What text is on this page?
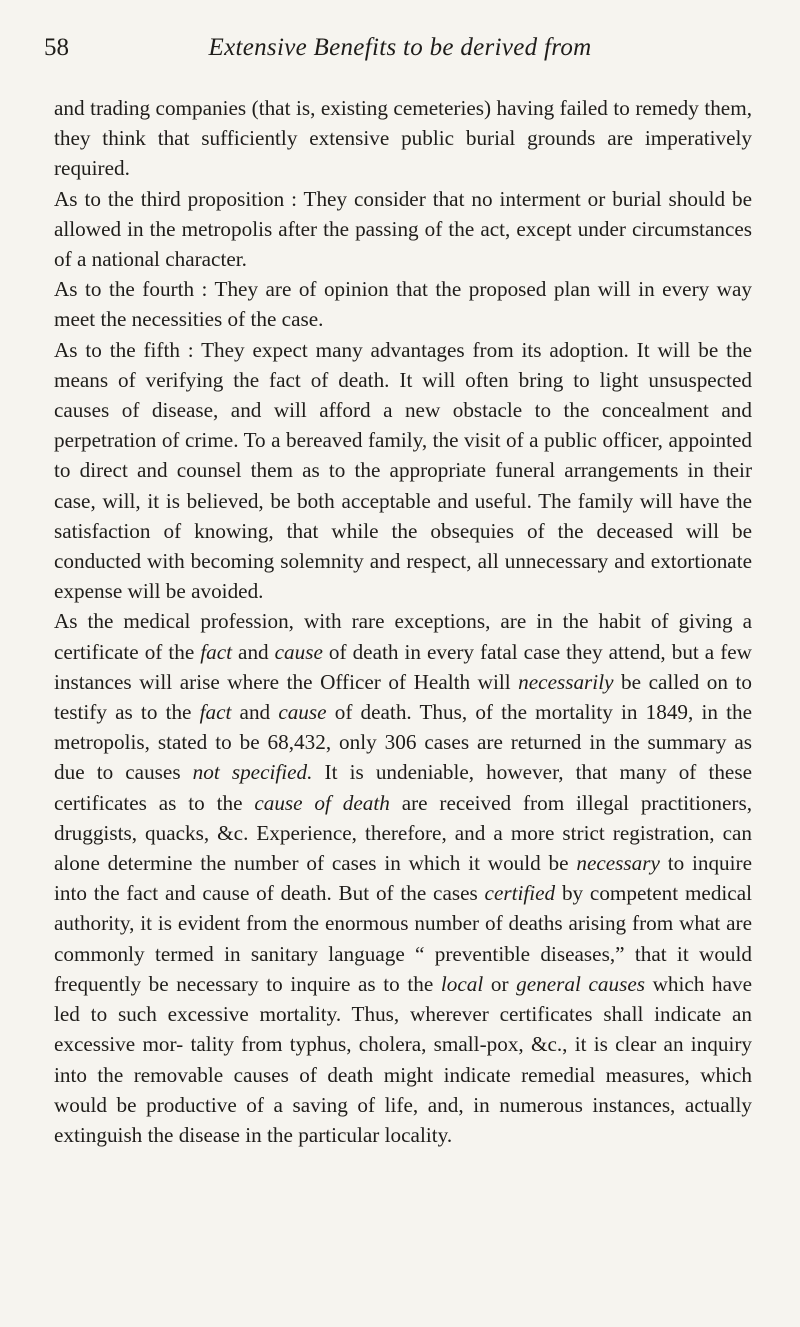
58	Extensive Benefits to be derived from

and trading companies (that is, existing cemeteries) having failed to remedy them, they think that sufficiently extensive public burial grounds are imperatively required.

As to the third proposition : They consider that no interment or burial should be allowed in the metropolis after the passing of the act, except under circumstances of a national character.

As to the fourth : They are of opinion that the proposed plan will in every way meet the necessities of the case.

As to the fifth : They expect many advantages from its adoption. It will be the means of verifying the fact of death. It will often bring to light unsuspected causes of disease, and will afford a new obstacle to the concealment and perpetration of crime. To a bereaved family, the visit of a public officer, appointed to direct and counsel them as to the appropriate funeral arrangements in their case, will, it is believed, be both acceptable and useful. The family will have the satisfaction of knowing, that while the obsequies of the deceased will be conducted with becoming solemnity and respect, all unnecessary and extortionate expense will be avoided.

As the medical profession, with rare exceptions, are in the habit of giving a certificate of the fact and cause of death in every fatal case they attend, but a few instances will arise where the Officer of Health will necessarily be called on to testify as to the fact and cause of death. Thus, of the mortality in 1849, in the metropolis, stated to be 68,432, only 306 cases are returned in the summary as due to causes not specified. It is undeniable, however, that many of these certificates as to the cause of death are received from illegal practitioners, druggists, quacks, &c. Experience, therefore, and a more strict registration, can alone determine the number of cases in which it would be necessary to inquire into the fact and cause of death. But of the cases certified by competent medical authority, it is evident from the enormous number of deaths arising from what are commonly termed in sanitary language “ preventible diseases,” that it would frequently be necessary to inquire as to the local or general causes which have led to such excessive mortality. Thus, wherever certificates shall indicate an excessive mor- tality from typhus, cholera, small-pox, &c., it is clear an inquiry into the removable causes of death might indicate remedial measures, which would be productive of a saving of life, and, in numerous instances, actually extinguish the disease in the particular locality.
